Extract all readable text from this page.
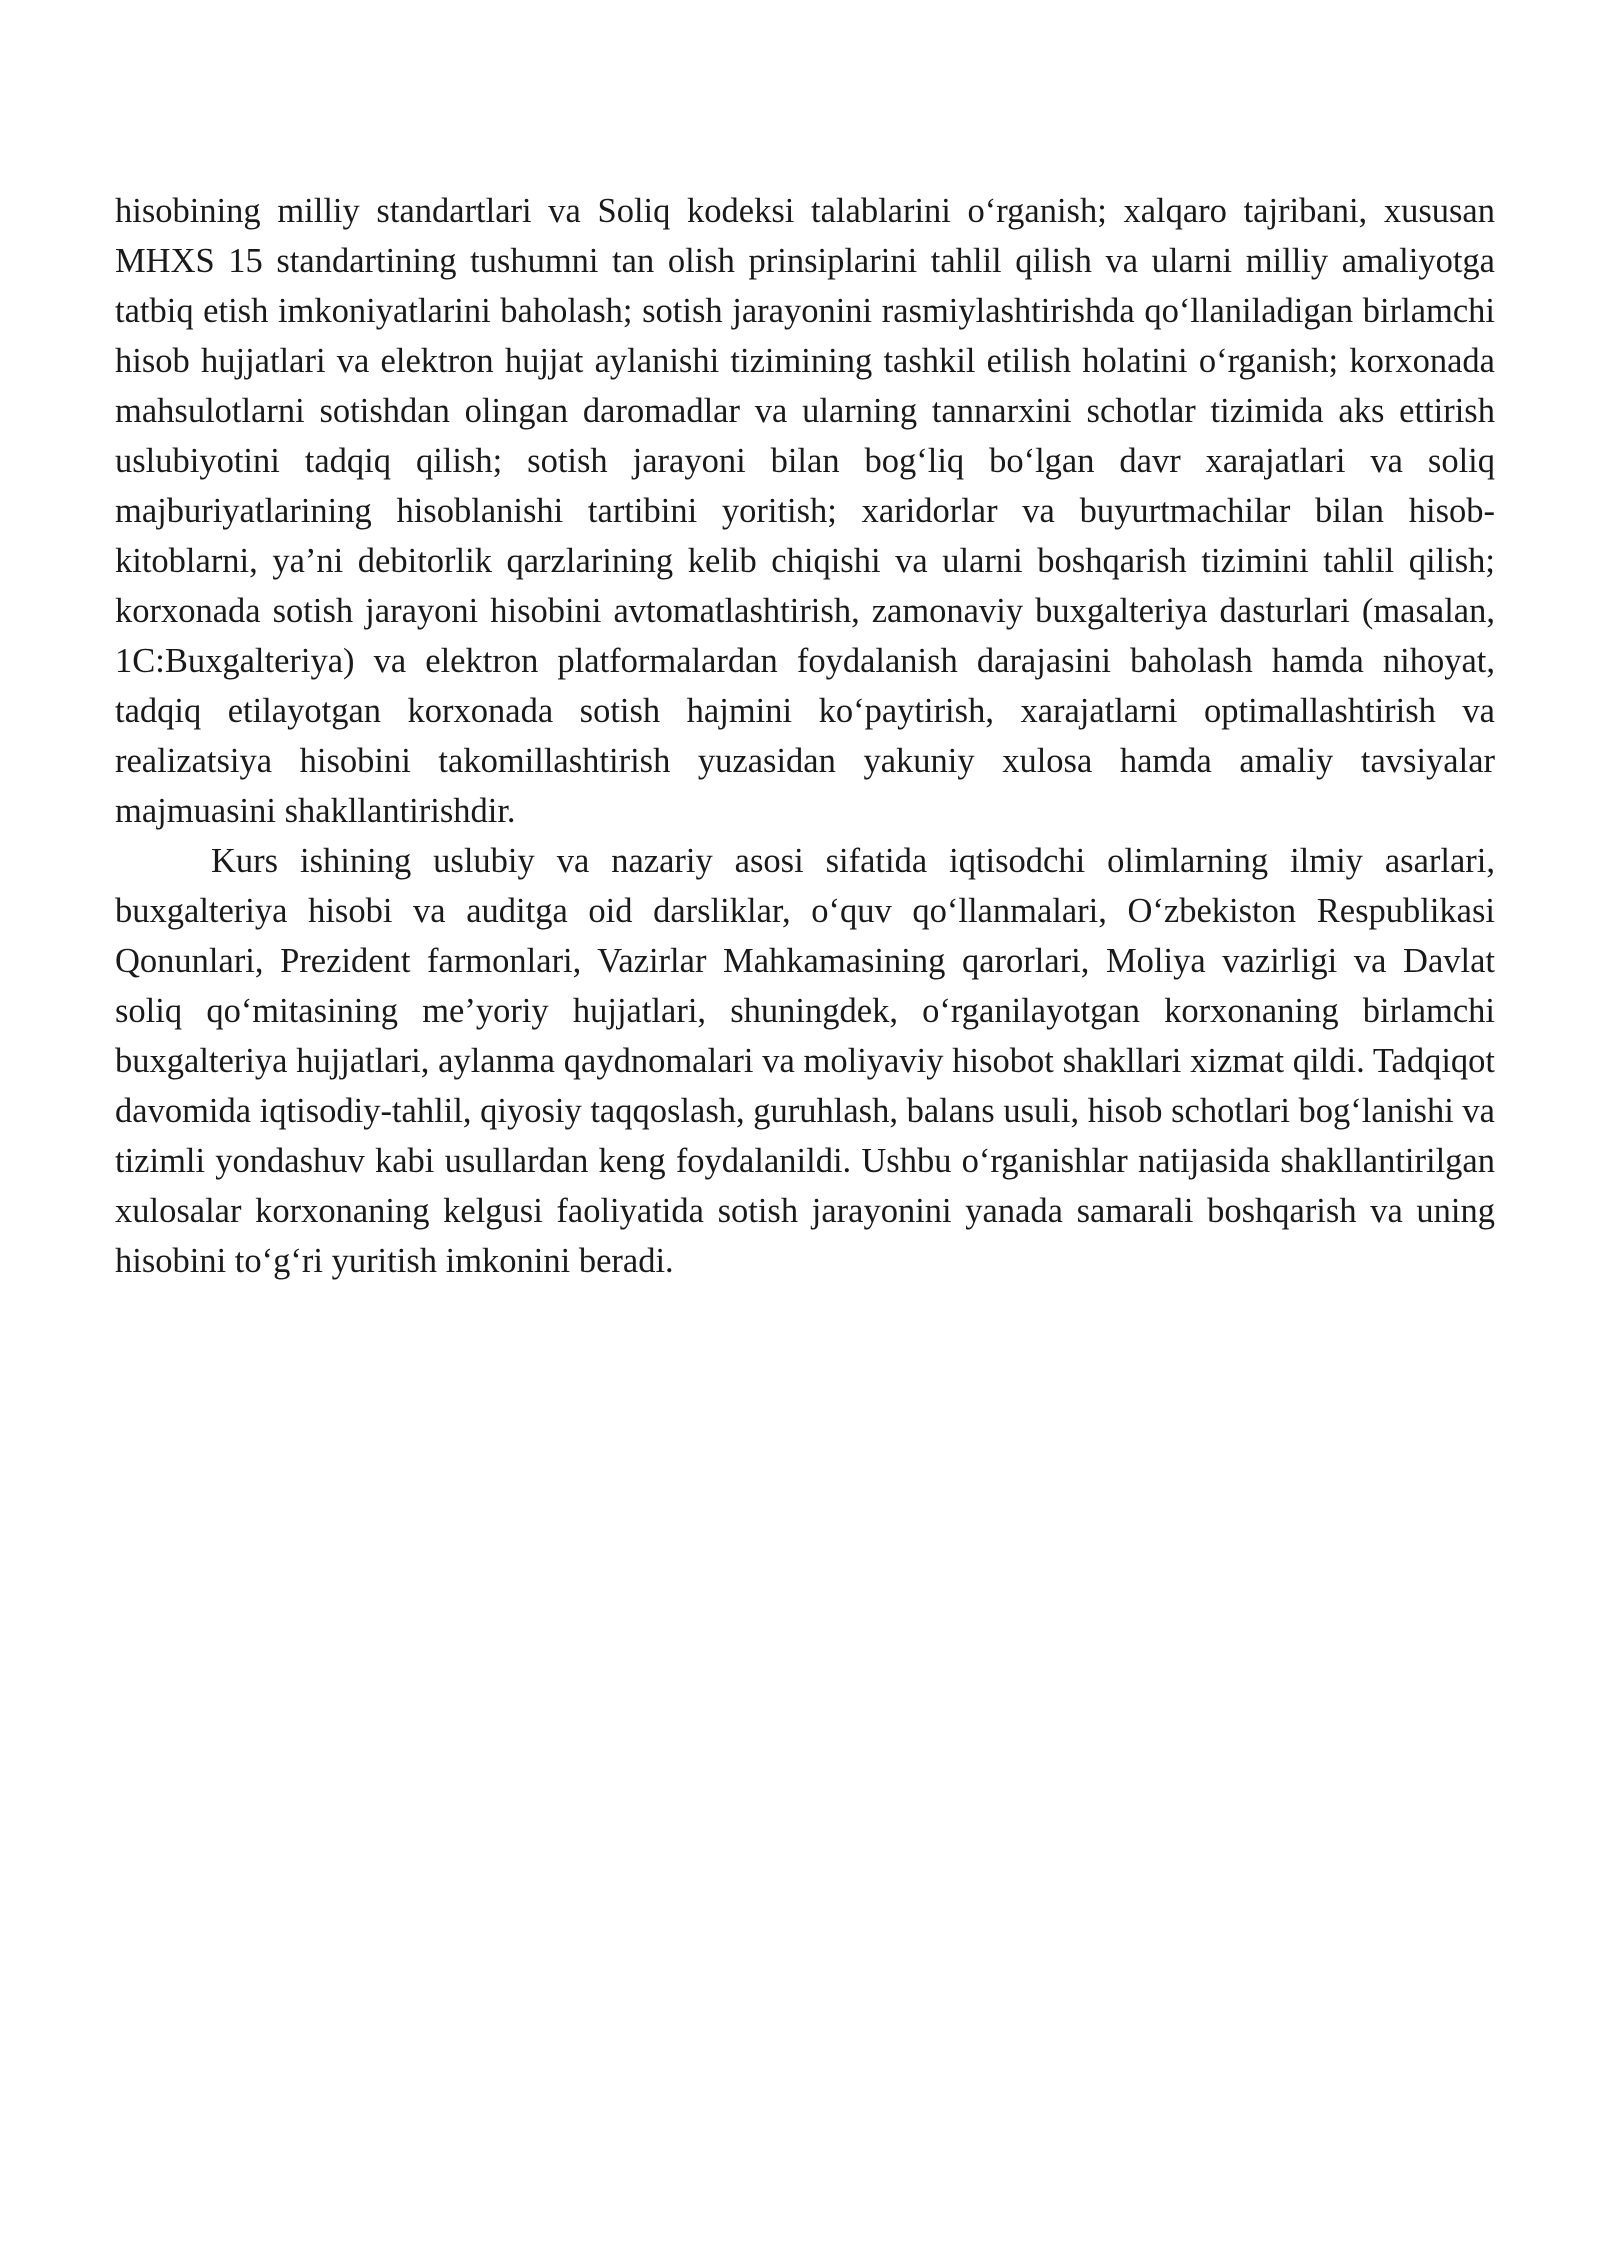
hisobining milliy standartlari va Soliq kodeksi talablarini o‘rganish; xalqaro tajribani, xususan MHXS 15 standartining tushumni tan olish prinsiplarini tahlil qilish va ularni milliy amaliyotga tatbiq etish imkoniyatlarini baholash; sotish jarayonini rasmiylashtirishda qo‘llaniladigan birlamchi hisob hujjatlari va elektron hujjat aylanishi tizimining tashkil etilish holatini o‘rganish; korxonada mahsulotlarni sotishdan olingan daromadlar va ularning tannarxini schotlar tizimida aks ettirish uslubiyotini tadqiq qilish; sotish jarayoni bilan bog‘liq bo‘lgan davr xarajatlari va soliq majburiyatlarining hisoblanishi tartibini yoritish; xaridorlar va buyurtmachilar bilan hisob-kitoblarni, ya’ni debitorlik qarzlarining kelib chiqishi va ularni boshqarish tizimini tahlil qilish; korxonada sotish jarayoni hisobini avtomatlashtirish, zamonaviy buxgalteriya dasturlari (masalan, 1C:Buxgalteriya) va elektron platformalardan foydalanish darajasini baholash hamda nihoyat, tadqiq etilayotgan korxonada sotish hajmini ko‘paytirish, xarajatlarni optimallashtirish va realizatsiya hisobini takomillashtirish yuzasidan yakuniy xulosa hamda amaliy tavsiyalar majmuasini shakllantirishdir.

Kurs ishining uslubiy va nazariy asosi sifatida iqtisodchi olimlarning ilmiy asarlari, buxgalteriya hisobi va auditga oid darsliklar, o‘quv qo‘llanmalari, O‘zbekiston Respublikasi Qonunlari, Prezident farmonlari, Vazirlar Mahkamasining qarorlari, Moliya vazirligi va Davlat soliq qo‘mitasining me’yoriy hujjatlari, shuningdek, o‘rganilayotgan korxonaning birlamchi buxgalteriya hujjatlari, aylanma qaydnomalari va moliyaviy hisobot shakllari xizmat qildi. Tadqiqot davomida iqtisodiy-tahlil, qiyosiy taqqoslash, guruhlash, balans usuli, hisob schotlari bog‘lanishi va tizimli yondashuv kabi usullardan keng foydalanildi. Ushbu o‘rganishlar natijasida shakllantirilgan xulosalar korxonaning kelgusi faoliyatida sotish jarayonini yanada samarali boshqarish va uning hisobini to‘g‘ri yuritish imkonini beradi.
